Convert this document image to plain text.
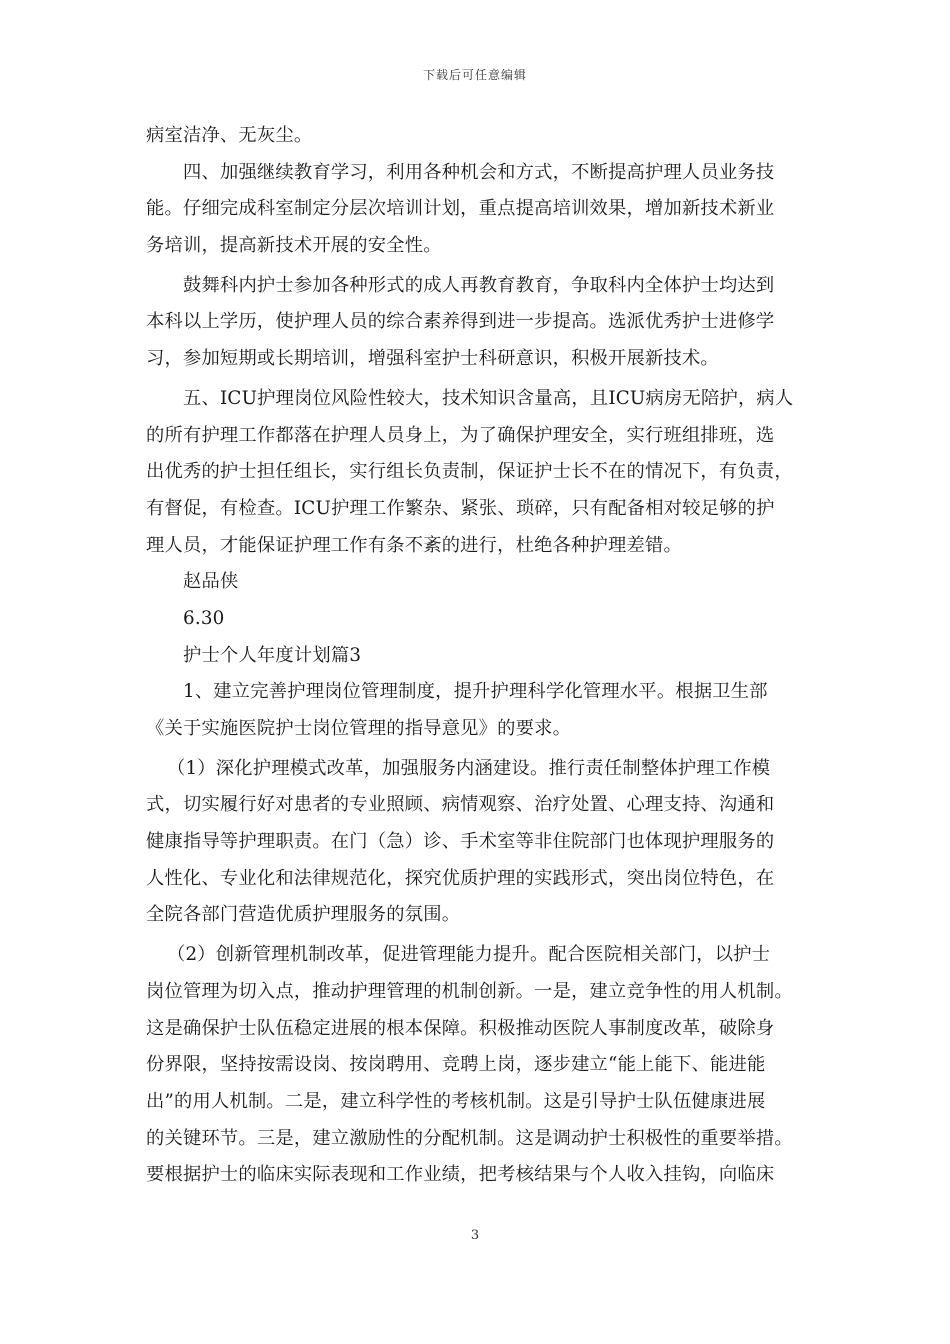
下载后可任意编辑
病室洁净、无灰尘。
四、加强继续教育学习，利用各种机会和方式，不断提高护理人员业务技
能。仔细完成科室制定分层次培训计划，重点提高培训效果，增加新技术新业
务培训，提高新技术开展的安全性。
鼓舞科内护士参加各种形式的成人再教育教育，争取科内全体护士均达到
本科以上学历，使护理人员的综合素养得到进一步提高。选派优秀护士进修学
习，参加短期或长期培训，增强科室护士科研意识，积极开展新技术。
五、ICU护理岗位风险性较大，技术知识含量高，且ICU病房无陪护，病人
的所有护理工作都落在护理人员身上，为了确保护理安全，实行班组排班，选
出优秀的护士担任组长，实行组长负责制，保证护士长不在的情况下，有负责，
有督促，有检查。ICU护理工作繁杂、紧张、琐碎，只有配备相对较足够的护
理人员，才能保证护理工作有条不紊的进行，杜绝各种护理差错。
赵品侠
6.30
护士个人年度计划篇3
1、建立完善护理岗位管理制度，提升护理科学化管理水平。根据卫生部
《关于实施医院护士岗位管理的指导意见》的要求。
（1）深化护理模式改革，加强服务内涵建设。推行责任制整体护理工作模
式，切实履行好对患者的专业照顾、病情观察、治疗处置、心理支持、沟通和
健康指导等护理职责。在门（急）诊、手术室等非住院部门也体现护理服务的
人性化、专业化和法律规范化，探究优质护理的实践形式，突出岗位特色，在
全院各部门营造优质护理服务的氛围。
（2）创新管理机制改革，促进管理能力提升。配合医院相关部门，以护士
岗位管理为切入点，推动护理管理的机制创新。一是，建立竞争性的用人机制。
这是确保护士队伍稳定进展的根本保障。积极推动医院人事制度改革，破除身
份界限，坚持按需设岗、按岗聘用、竞聘上岗，逐步建立“能上能下、能进能
出”的用人机制。二是，建立科学性的考核机制。这是引导护士队伍健康进展
的关键环节。三是，建立激励性的分配机制。这是调动护士积极性的重要举措。
要根据护士的临床实际表现和工作业绩，把考核结果与个人收入挂钩，向临床
3
